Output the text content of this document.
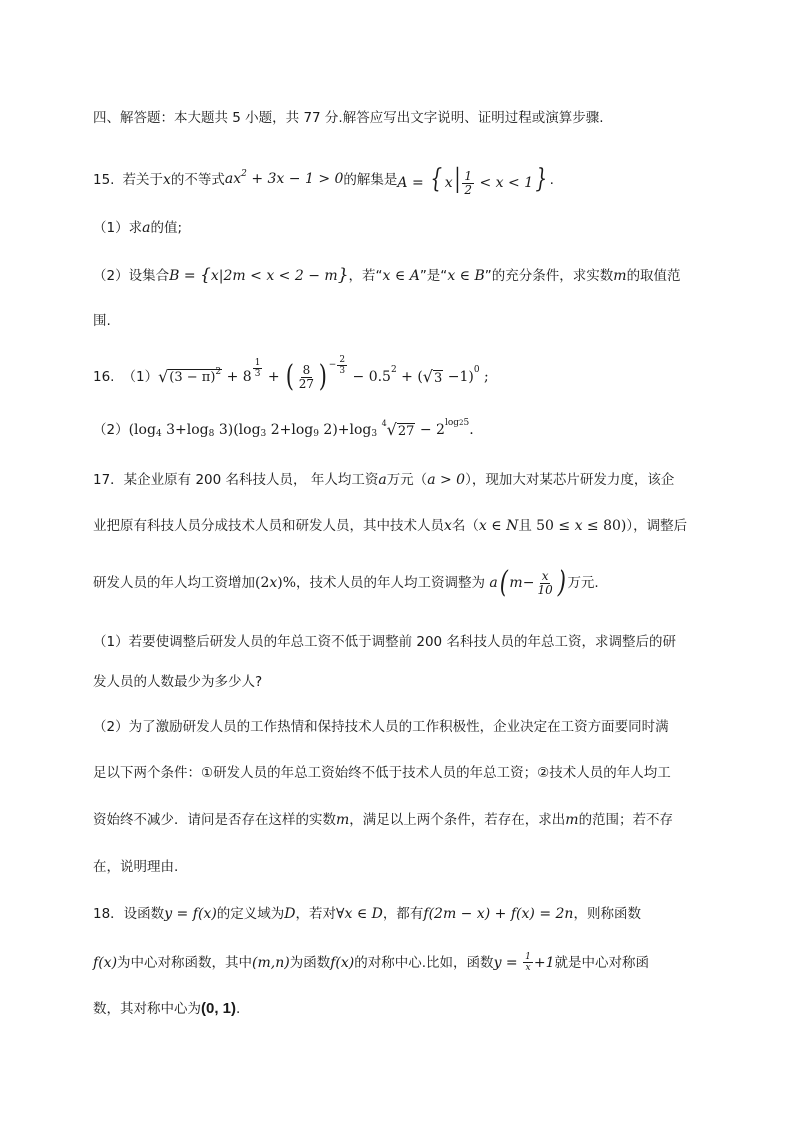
四、解答题：本大题共 5 小题，共 77 分.解答应写出文字说明、证明过程或演算步骤.
15. 若关于 x 的不等式 $ax^2 + 3x - 1 > 0$ 的解集是 A = { $x| \frac{1}{2} < x < 1$} .
（1） 求 a 的值;
（2） 设集合 B = {x|2m < x < 2 − m} ，若“ x ∈ A ”是“ x ∈ B ”的充分条件，求实数 m 的取值范
围.
16. （1） √ $(3 - \pi)^2 + 8 \frac{1}{3}$ + ( $\frac{8}{27}$ ) − $\frac{2}{3}$
− 0.5 2 + ( √ 3 −1) 0 ;
（2） (log 4 3+log 8 3)(log 3 2+log 9 2)+log 3

4 √ 27 − 2 log25 .
17．某企业原有 200 名科技人员， 年人均工资 a 万元（ a > 0 ），现加大对某芯片研发力度，该企
业把原有科技人员分成技术人员和研发人员，其中技术人员 x 名（ x ∈ N 且
50 ≤ x ≤ 80) ），调整后
研发人员的年人均工资增加 (2x)% ，技术人员的年人均工资调整为
a ( $m - \frac{x}{10}$ ) 万元.
（1）若要使调整后研发人员的年总工资不低于调整前 200 名科技人员的年总工资，求调整后的研
发人员的人数最少为多少人?
（2）为了激励研发人员的工作热情和保持技术人员的工作积极性，企业决定在工资方面要同时满
足以下两个条件：①研发人员的年总工资始终不低于技术人员的年总工资；②技术人员的年人均工
资始终不减少．请问是否存在这样的实数 m ，满足以上两个条件，若存在，求出 m 的范围；若不存
在，说明理由.
18．设函数 y = f(x) 的定义域为 D ，若对 ∀x ∈ D ，都有 f(2m − x) + f(x) = 2n ，则称函数
f(x) 为中心对称函数，其中 (m,n) 为函数 f(x) 的对称中心.比如，函数 $y = \frac{1}{x} +1$ 就是中心对称函
数，其对称中心为 (0, 1) .
